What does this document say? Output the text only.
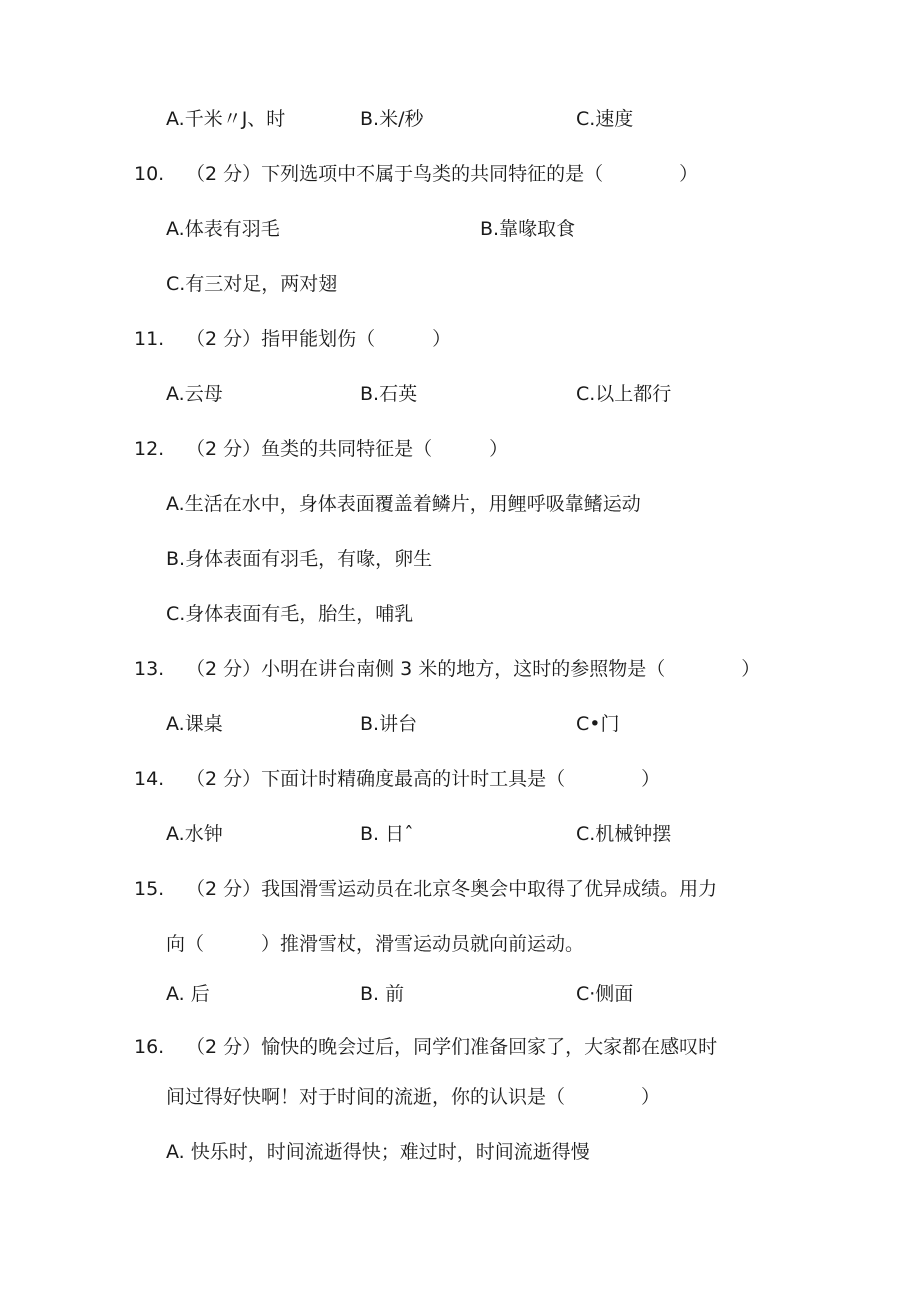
A.千米〃J、时	B.米/秒	C.速度
10. （2 分）下列选项中不属于鸟类的共同特征的是（　　　　）
A.体表有羽毛	B.靠喙取食
C.有三对足，两对翅
11. （2 分）指甲能划伤（　　　）
A.云母	B.石英	C.以上都行
12. （2 分）鱼类的共同特征是（　　　）
A.生活在水中，身体表面覆盖着鳞片，用鲤呼吸靠鳍运动
B.身体表面有羽毛，有喙，卵生
C.身体表面有毛，胎生，哺乳
13. （2 分）小明在讲台南侧 3 米的地方，这时的参照物是（　　　　）
A.课桌	B.讲台	C•门
14. （2 分）下面计时精确度最高的计时工具是（　　　　）
A.水钟	B. 日ˆ	C.机械钟摆
15. （2 分）我国滑雪运动员在北京冬奥会中取得了优异成绩。用力
向（　　　）推滑雪杖，滑雪运动员就向前运动。
A. 后	B. 前	C·侧面
16. （2 分）愉快的晚会过后，同学们准备回家了，大家都在感叹时
间过得好快啊！对于时间的流逝，你的认识是（　　　　）
A. 快乐时，时间流逝得快；难过时，时间流逝得慢
